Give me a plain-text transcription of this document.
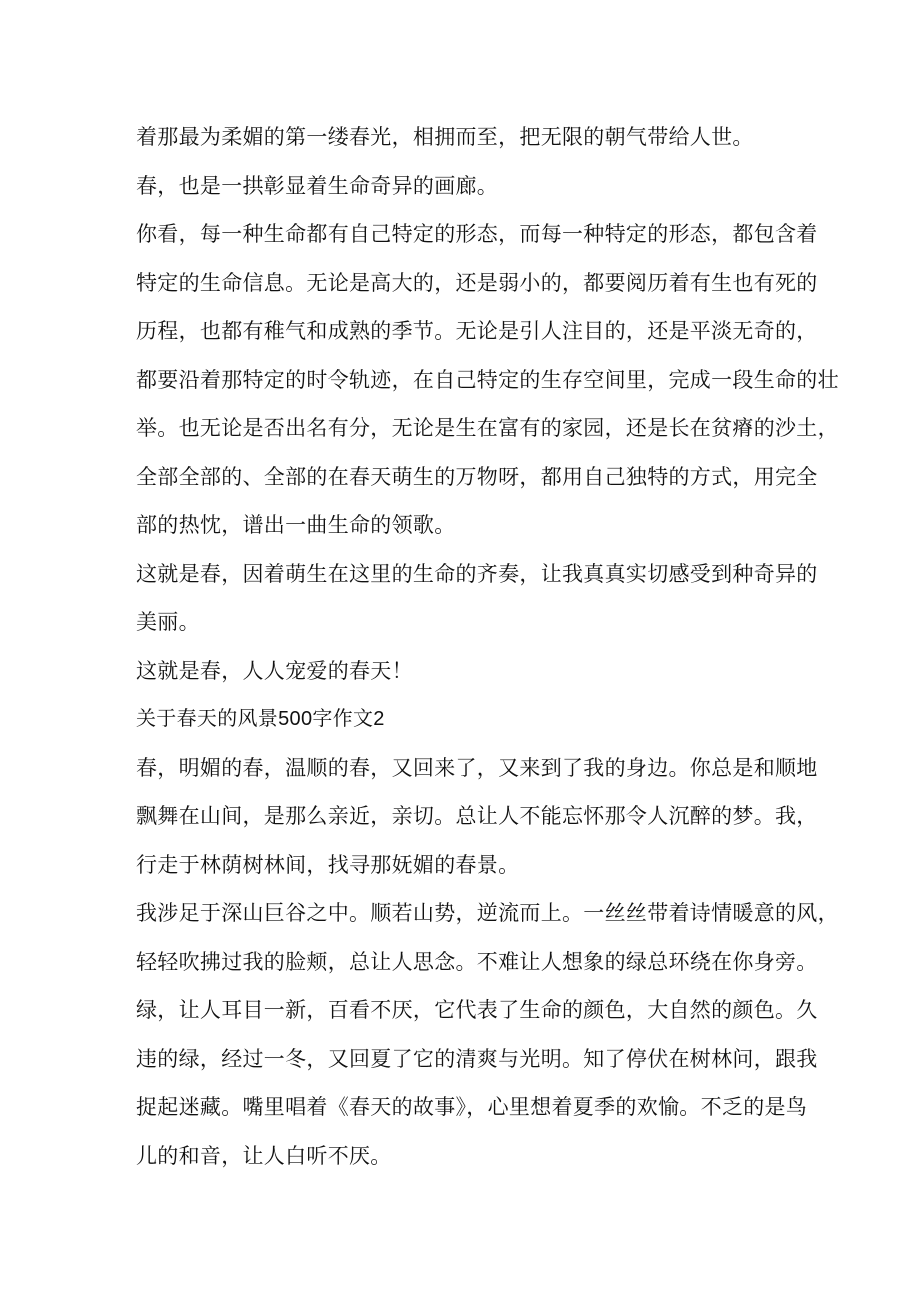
着那最为柔媚的第一缕春光，相拥而至，把无限的朝气带给人世。
春，也是一拱彰显着生命奇异的画廊。
你看，每一种生命都有自己特定的形态，而每一种特定的形态，都包含着
特定的生命信息。无论是高大的，还是弱小的，都要阅历着有生也有死的
历程，也都有稚气和成熟的季节。无论是引人注目的，还是平淡无奇的，
都要沿着那特定的时令轨迹，在自己特定的生存空间里，完成一段生命的壮
举。也无论是否出名有分，无论是生在富有的家园，还是长在贫瘠的沙土，
全部全部的、全部的在春天萌生的万物呀，都用自己独特的方式，用完全
部的热忱，谱出一曲生命的领歌。
这就是春，因着萌生在这里的生命的齐奏，让我真真实切感受到种奇异的
美丽。
这就是春，人人宠爱的春天！
关于春天的风景500字作文2
春，明媚的春，温顺的春，又回来了，又来到了我的身边。你总是和顺地
飘舞在山间，是那么亲近，亲切。总让人不能忘怀那令人沉醉的梦。我，
行走于林荫树林间，找寻那妩媚的春景。
我涉足于深山巨谷之中。顺若山势，逆流而上。一丝丝带着诗情暖意的风，
轻轻吹拂过我的脸颊，总让人思念。不难让人想象的绿总环绕在你身旁。
绿，让人耳目一新，百看不厌，它代表了生命的颜色，大自然的颜色。久
违的绿，经过一冬，又回夏了它的清爽与光明。知了停伏在树林问，跟我
捉起迷藏。嘴里唱着《春天的故事》，心里想着夏季的欢愉。不乏的是鸟
儿的和音，让人白听不厌。
